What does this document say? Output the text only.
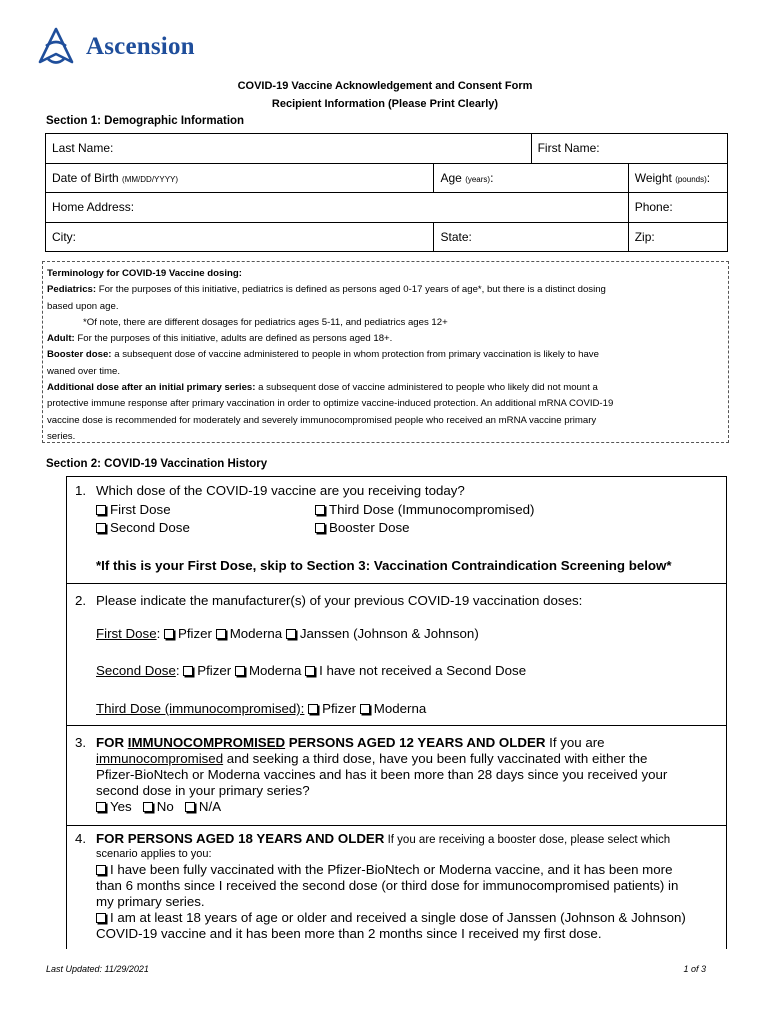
Ascension
COVID-19 Vaccine Acknowledgement and Consent Form
Recipient Information (Please Print Clearly)
Section 1: Demographic Information
Last Name:		First Name:	
Date of Birth (MM/DD/YYYY)	Age (years):		Weight (pounds):
Home Address:			Phone:
City:	State:		Zip:
Terminology for COVID-19 Vaccine dosing:
Pediatrics: For the purposes of this initiative, pediatrics is defined as persons aged 0-17 years of age*, but there is a distinct dosing
based upon age.
*Of note, there are different dosages for pediatrics ages 5-11, and pediatrics ages 12+
Adult: For the purposes of this initiative, adults are defined as persons aged 18+.
Booster dose: a subsequent dose of vaccine administered to people in whom protection from primary vaccination is likely to have
waned over time.
Additional dose after an initial primary series: a subsequent dose of vaccine administered to people who likely did not mount a
protective immune response after primary vaccination in order to optimize vaccine-induced protection. An additional mRNA COVID-19
vaccine dose is recommended for moderately and severely immunocompromised people who received an mRNA vaccine primary
series.
Section 2: COVID-19 Vaccination History
1. Which dose of the COVID-19 vaccine are you receiving today?
First Dose
Second Dose
Third Dose (Immunocompromised)
Booster Dose
*If this is your First Dose, skip to Section 3: Vaccination Contraindication Screening below*
2. Please indicate the manufacturer(s) of your previous COVID-19 vaccination doses:
First Dose: Pfizer Moderna Janssen (Johnson & Johnson)
Second Dose: Pfizer Moderna I have not received a Second Dose
Third Dose (immunocompromised): Pfizer Moderna
3. FOR IMMUNOCOMPROMISED PERSONS AGED 12 YEARS AND OLDER If you are
immunocompromised and seeking a third dose, have you been fully vaccinated with either the
Pfizer-BioNtech or Moderna vaccines and has it been more than 28 days since you received your
second dose in your primary series?
Yes No N/A
4. FOR PERSONS AGED 18 YEARS AND OLDER If you are receiving a booster dose, please select which
scenario applies to you:
I have been fully vaccinated with the Pfizer-BioNtech or Moderna vaccine, and it has been more
than 6 months since I received the second dose (or third dose for immunocompromised patients) in
my primary series.
I am at least 18 years of age or older and received a single dose of Janssen (Johnson & Johnson)
COVID-19 vaccine and it has been more than 2 months since I received my first dose.
Last Updated: 11/29/2021	1 of 3
